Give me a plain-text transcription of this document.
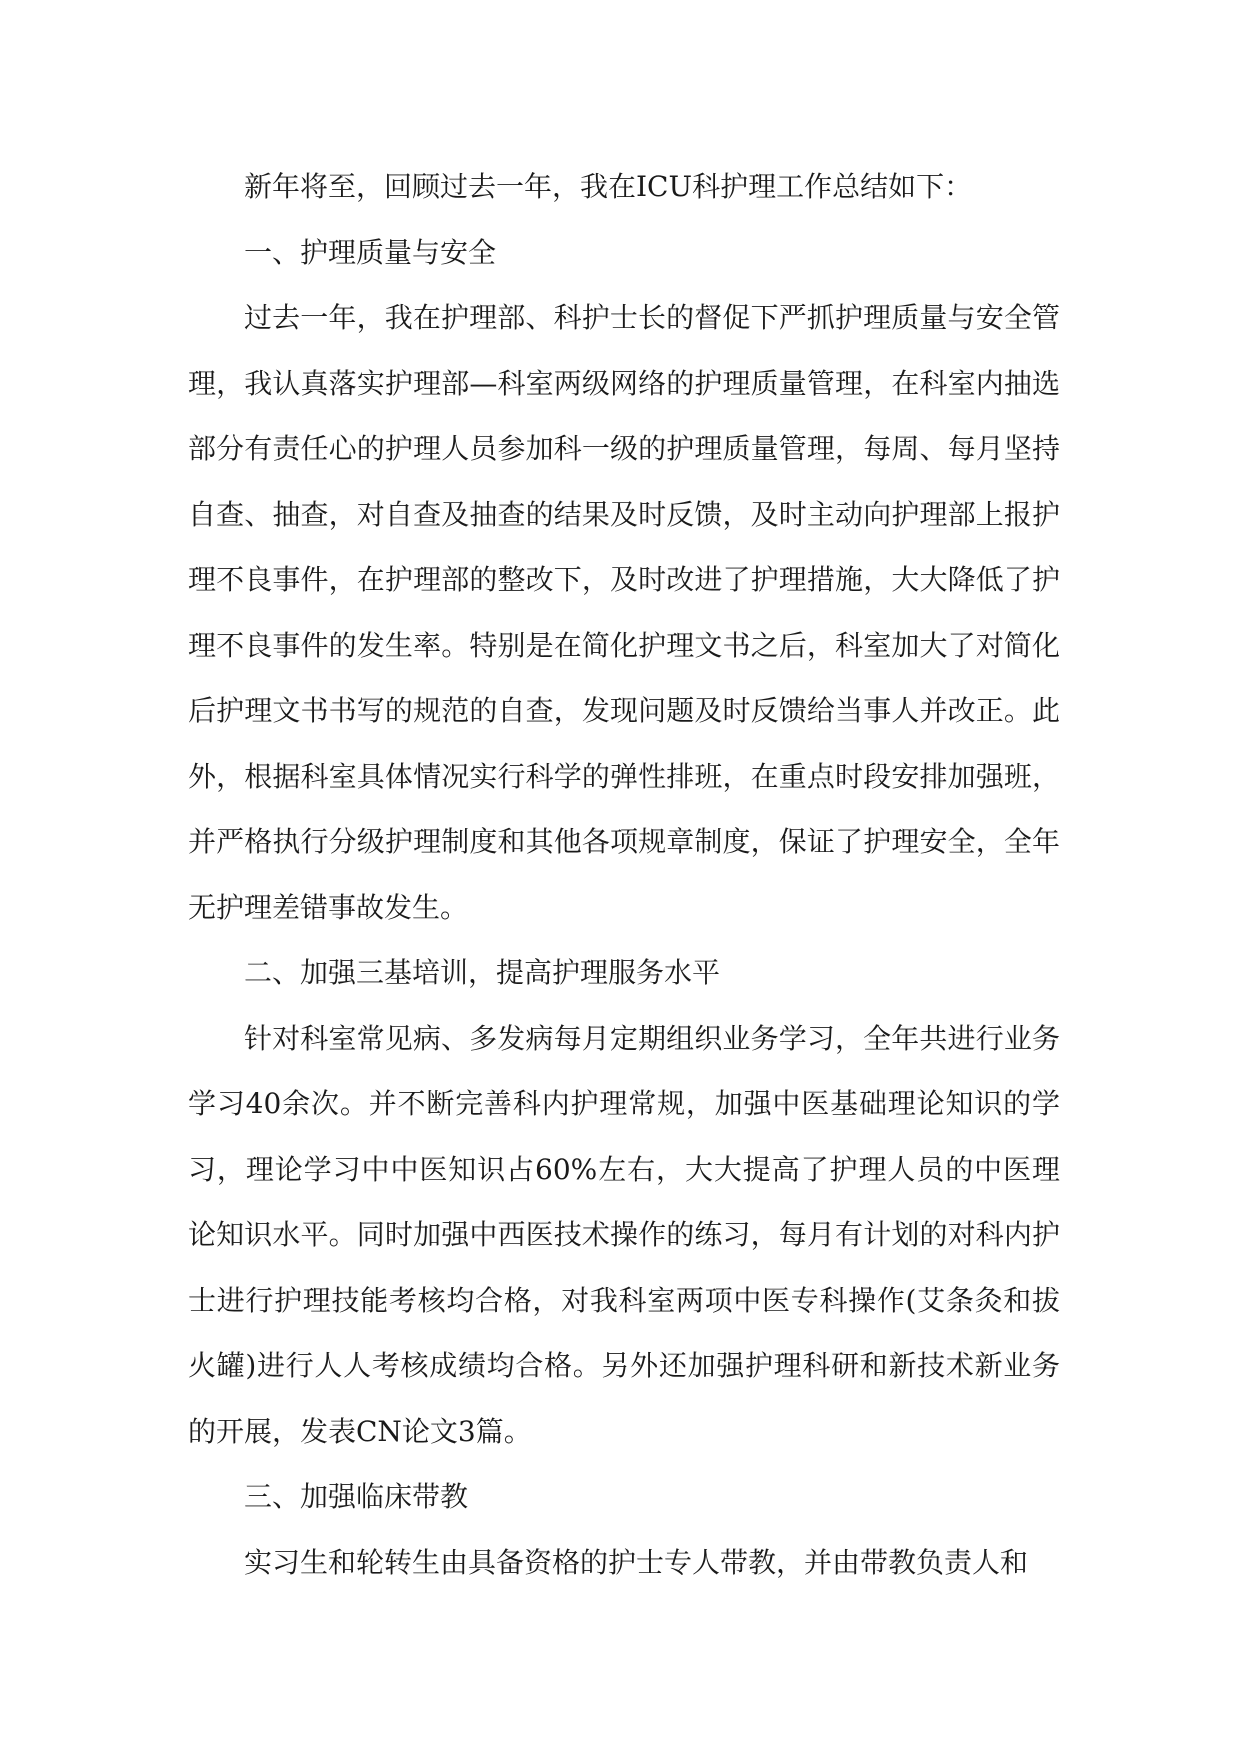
新年将至，回顾过去一年，我在ICU科护理工作总结如下：

一、护理质量与安全

过去一年，我在护理部、科护士长的督促下严抓护理质量与安全管理，我认真落实护理部—科室两级网络的护理质量管理，在科室内抽选部分有责任心的护理人员参加科一级的护理质量管理，每周、每月坚持自查、抽查，对自查及抽查的结果及时反馈，及时主动向护理部上报护理不良事件，在护理部的整改下，及时改进了护理措施，大大降低了护理不良事件的发生率。特别是在简化护理文书之后，科室加大了对简化后护理文书书写的规范的自查，发现问题及时反馈给当事人并改正。此外，根据科室具体情况实行科学的弹性排班，在重点时段安排加强班，并严格执行分级护理制度和其他各项规章制度，保证了护理安全，全年无护理差错事故发生。

二、加强三基培训，提高护理服务水平

针对科室常见病、多发病每月定期组织业务学习，全年共进行业务学习40余次。并不断完善科内护理常规，加强中医基础理论知识的学习，理论学习中中医知识占60%左右，大大提高了护理人员的中医理论知识水平。同时加强中西医技术操作的练习，每月有计划的对科内护士进行护理技能考核均合格，对我科室两项中医专科操作(艾条灸和拔火罐)进行人人考核成绩均合格。另外还加强护理科研和新技术新业务的开展，发表CN论文3篇。

三、加强临床带教

实习生和轮转生由具备资格的护士专人带教，并由带教负责人和
